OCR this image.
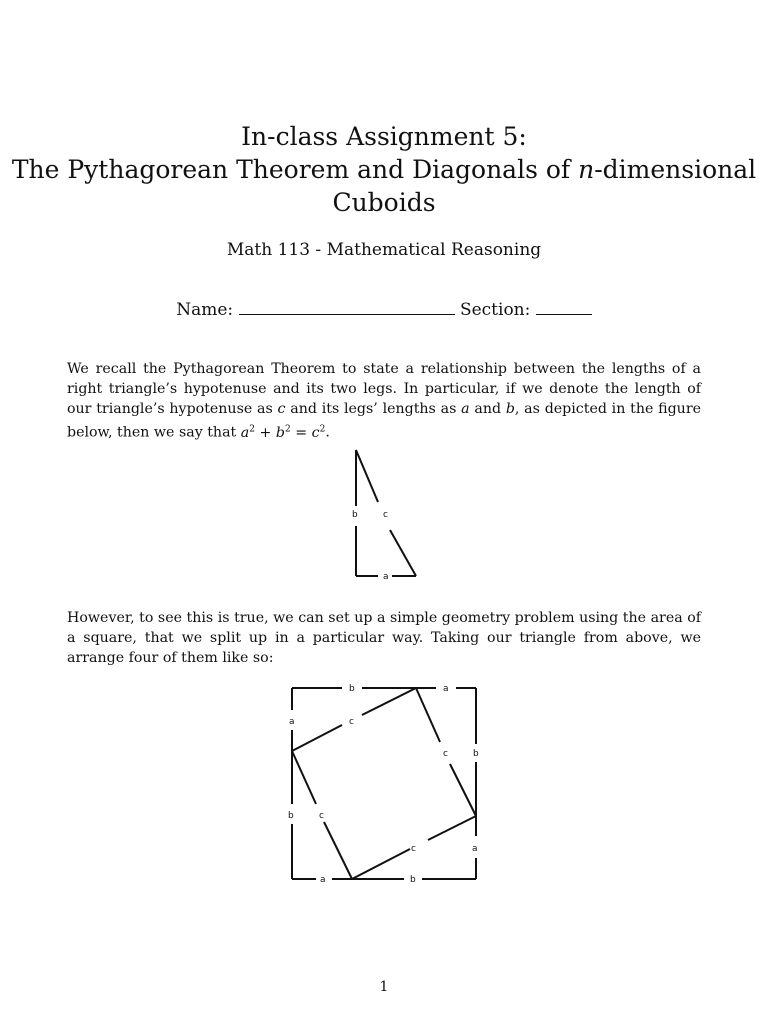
In-class Assignment 5:
The Pythagorean Theorem and Diagonals of n-dimensional
Cuboids
Math 113 - Mathematical Reasoning
Name:	Section:
We recall the Pythagorean Theorem to state a relationship between the lengths of a right triangle’s hypotenuse and its two legs. In particular, if we denote the length of our triangle’s hypotenuse as c and its legs’ lengths as a and b, as depicted in the figure below, then we say that $a^2 + b^2 = c^2$.
b	c
a
However, to see this is true, we can set up a simple geometry problem using the area of a square, that we split up in a particular way. Taking our triangle from above, we arrange four of them like so:
b	a
a	c
c	b
b	c
c	a
a	b
1
